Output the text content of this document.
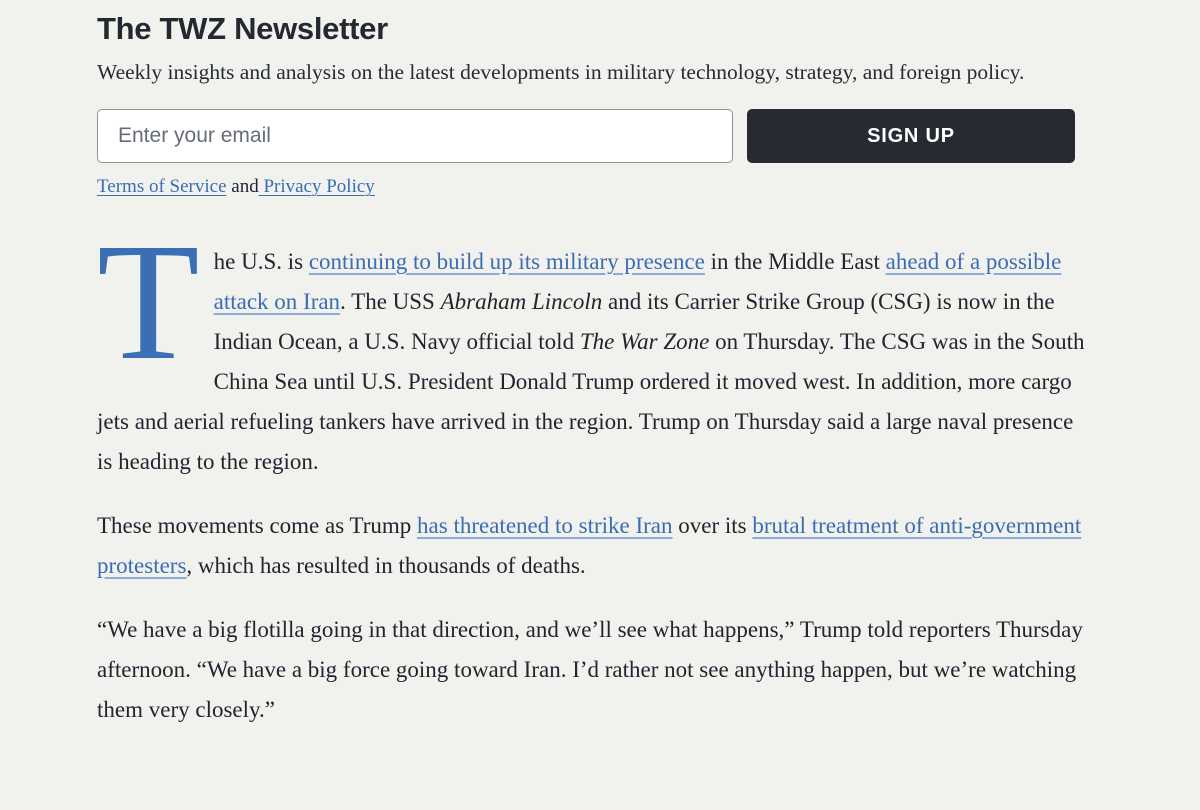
The TWZ Newsletter

Weekly insights and analysis on the latest developments in military technology, strategy, and foreign policy.

Enter your email
SIGN UP
Terms of Service and Privacy Policy

The U.S. is continuing to build up its military presence in the Middle East ahead of a possible attack on Iran. The USS Abraham Lincoln and its Carrier Strike Group (CSG) is now in the Indian Ocean, a U.S. Navy official told The War Zone on Thursday. The CSG was in the South China Sea until U.S. President Donald Trump ordered it moved west. In addition, more cargo jets and aerial refueling tankers have arrived in the region. Trump on Thursday said a large naval presence is heading to the region.

These movements come as Trump has threatened to strike Iran over its brutal treatment of anti-government protesters, which has resulted in thousands of deaths.

“We have a big flotilla going in that direction, and we’ll see what happens,” Trump told reporters Thursday afternoon. “We have a big force going toward Iran. I’d rather not see anything happen, but we’re watching them very closely.”
